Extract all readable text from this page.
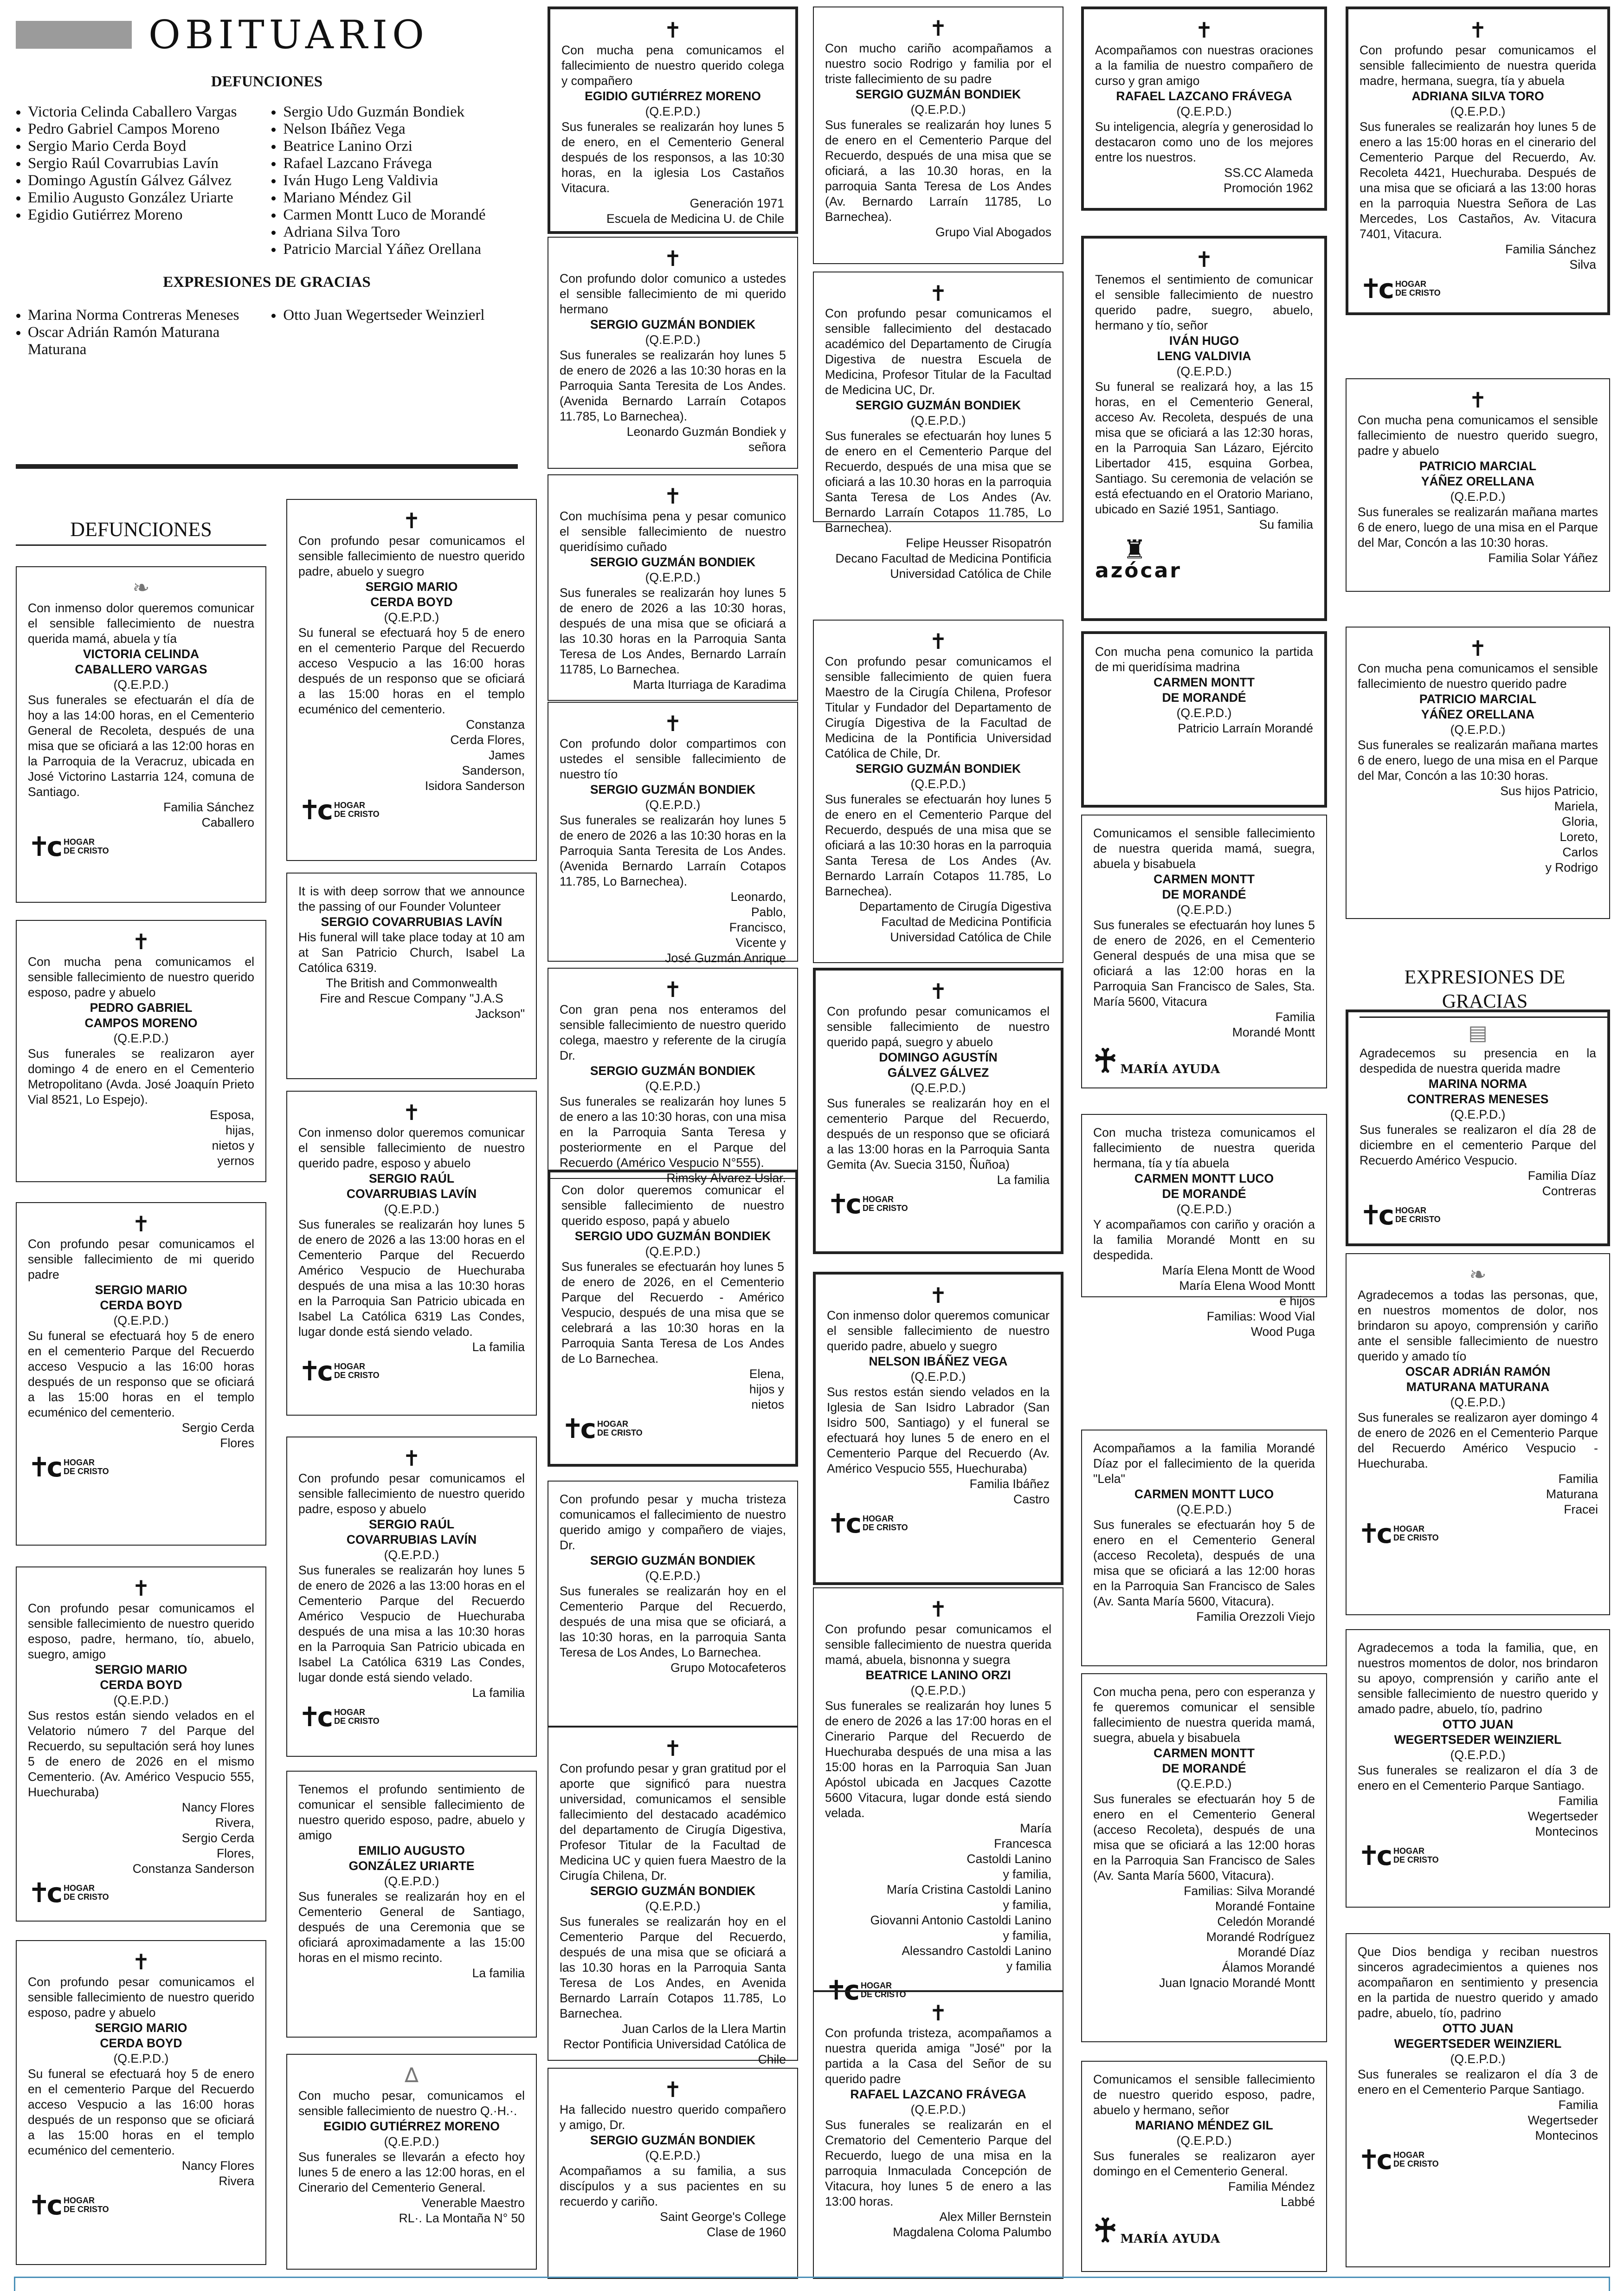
OBITUARIO
DEFUNCIONES
• Victoria Celinda Caballero Vargas
• Pedro Gabriel Campos Moreno
• Sergio Mario Cerda Boyd
• Sergio Raúl Covarrubias Lavín
• Domingo Agustín Gálvez Gálvez
• Emilio Augusto González Uriarte
• Egidio Gutiérrez Moreno
• Sergio Udo Guzmán Bondiek
• Nelson Ibáñez Vega
• Beatrice Lanino Orzi
• Rafael Lazcano Frávega
• Iván Hugo Leng Valdivia
• Mariano Méndez Gil
• Carmen Montt Luco de Morandé
• Adriana Silva Toro
• Patricio Marcial Yáñez Orellana
EXPRESIONES DE GRACIAS
• Marina Norma Contreras Meneses
• Oscar Adrián Ramón Maturana Maturana
• Otto Juan Wegertseder Weinzierl
DEFUNCIONES
EXPRESIONES DE GRACIAS
❧

Con inmenso dolor queremos comunicar el sensible fallecimiento de nuestra querida mamá, abuela y tía

VICTORIA CELINDA

CABALLERO VARGAS

(Q.E.P.D.)

Sus funerales se efectuarán el día de hoy a las 14:00 horas, en el Cementerio General de Recoleta, después de una misa que se oficiará a las 12:00 horas en la Parroquia de la Veracruz, ubicada en José Victorino Lastarria 124, comuna de Santiago.

Familia Sánchez

Caballero

✝c HOGAR
DE CRISTO
✝

Con mucha pena comunicamos el sensible fallecimiento de nuestro querido esposo, padre y abuelo

PEDRO GABRIEL

CAMPOS MORENO

(Q.E.P.D.)

Sus funerales se realizaron ayer domingo 4 de enero en el Cementerio Metropolitano (Avda. José Joaquín Prieto Vial 8521, Lo Espejo).

Esposa,

hijas,

nietos y

yernos

✝

Con profundo pesar comunicamos el sensible fallecimiento de mi querido padre

SERGIO MARIO

CERDA BOYD

(Q.E.P.D.)

Su funeral se efectuará hoy 5 de enero en el cementerio Parque del Recuerdo acceso Vespucio a las 16:00 horas después de un responso que se oficiará a las 15:00 horas en el templo ecuménico del cementerio.

Sergio Cerda

Flores

✝c HOGAR
DE CRISTO
✝

Con profundo pesar comunicamos el sensible fallecimiento de nuestro querido esposo, padre, hermano, tío, abuelo, suegro, amigo

SERGIO MARIO

CERDA BOYD

(Q.E.P.D.)

Sus restos están siendo velados en el Velatorio número 7 del Parque del Recuerdo, su sepultación será hoy lunes 5 de enero de 2026 en el mismo Cementerio. (Av. Américo Vespucio 555, Huechuraba)

Nancy Flores

Rivera,

Sergio Cerda

Flores,

Constanza Sanderson

✝c HOGAR
DE CRISTO
✝

Con profundo pesar comunicamos el sensible fallecimiento de nuestro querido esposo, padre y abuelo

SERGIO MARIO

CERDA BOYD

(Q.E.P.D.)

Su funeral se efectuará hoy 5 de enero en el cementerio Parque del Recuerdo acceso Vespucio a las 16:00 horas después de un responso que se oficiará a las 15:00 horas en el templo ecuménico del cementerio.

Nancy Flores

Rivera

✝c HOGAR
DE CRISTO
✝

Con profundo pesar comunicamos el sensible fallecimiento de nuestro querido padre, abuelo y suegro

SERGIO MARIO

CERDA BOYD

(Q.E.P.D.)

Su funeral se efectuará hoy 5 de enero en el cementerio Parque del Recuerdo acceso Vespucio a las 16:00 horas después de un responso que se oficiará a las 15:00 horas en el templo ecuménico del cementerio.

Constanza

Cerda Flores,

James

Sanderson,

Isidora Sanderson

✝c HOGAR
DE CRISTO

It is with deep sorrow that we announce the passing of our Founder Volunteer

SERGIO COVARRUBIAS LAVÍN

His funeral will take place today at 10 am at San Patricio Church, Isabel La Católica 6319.

The British and Commonwealth

Fire and Rescue Company "J.A.S

Jackson"

✝

Con inmenso dolor queremos comunicar el sensible fallecimiento de nuestro querido padre, esposo y abuelo

SERGIO RAÚL

COVARRUBIAS LAVÍN

(Q.E.P.D.)

Sus funerales se realizarán hoy lunes 5 de enero de 2026 a las 13:00 horas en el Cementerio Parque del Recuerdo Américo Vespucio de Huechuraba después de una misa a las 10:30 horas en la Parroquia San Patricio ubicada en Isabel La Católica 6319 Las Condes, lugar donde está siendo velado.

La familia

✝c HOGAR
DE CRISTO
✝

Con profundo pesar comunicamos el sensible fallecimiento de nuestro querido padre, esposo y abuelo

SERGIO RAÚL

COVARRUBIAS LAVÍN

(Q.E.P.D.)

Sus funerales se realizarán hoy lunes 5 de enero de 2026 a las 13:00 horas en el Cementerio Parque del Recuerdo Américo Vespucio de Huechuraba después de una misa a las 10:30 horas en la Parroquia San Patricio ubicada en Isabel La Católica 6319 Las Condes, lugar donde está siendo velado.

La familia

✝c HOGAR
DE CRISTO

Tenemos el profundo sentimiento de comunicar el sensible fallecimiento de nuestro querido esposo, padre, abuelo y amigo

EMILIO AUGUSTO

GONZÁLEZ URIARTE

(Q.E.P.D.)

Sus funerales se realizarán hoy en el Cementerio General de Santiago, después de una Ceremonia que se oficiará aproximadamente a las 15:00 horas en el mismo recinto.

La familia

∆

Con mucho pesar, comunicamos el sensible fallecimiento de nuestro Q.·H.·.

EGIDIO GUTIÉRREZ MORENO

(Q.E.P.D.)

Sus funerales se llevarán a efecto hoy lunes 5 de enero a las 12:00 horas, en el Cinerario del Cementerio General.

Venerable Maestro

RL·. La Montaña N° 50

✝

Con mucha pena comunicamos el fallecimiento de nuestro querido colega y compañero

EGIDIO GUTIÉRREZ MORENO

(Q.E.P.D.)

Sus funerales se realizarán hoy lunes 5 de enero, en el Cementerio General después de los responsos, a las 10:30 horas, en la iglesia Los Castaños Vitacura.

Generación 1971

Escuela de Medicina U. de Chile

✝

Con profundo dolor comunico a ustedes el sensible fallecimiento de mi querido hermano

SERGIO GUZMÁN BONDIEK

(Q.E.P.D.)

Sus funerales se realizarán hoy lunes 5 de enero de 2026 a las 10:30 horas en la Parroquia Santa Teresita de Los Andes. (Avenida Bernardo Larraín Cotapos 11.785, Lo Barnechea).

Leonardo Guzmán Bondiek y

señora

✝

Con muchísima pena y pesar comunico el sensible fallecimiento de nuestro queridísimo cuñado

SERGIO GUZMÁN BONDIEK

(Q.E.P.D.)

Sus funerales se realizarán hoy lunes 5 de enero de 2026 a las 10:30 horas, después de una misa que se oficiará a las 10.30 horas en la Parroquia Santa Teresa de Los Andes, Bernardo Larraín 11785, Lo Barnechea.

Marta Iturriaga de Karadima

✝

Con profundo dolor compartimos con ustedes el sensible fallecimiento de nuestro tío

SERGIO GUZMÁN BONDIEK

(Q.E.P.D.)

Sus funerales se realizarán hoy lunes 5 de enero de 2026 a las 10:30 horas en la Parroquia Santa Teresita de Los Andes. (Avenida Bernardo Larraín Cotapos 11.785, Lo Barnechea).

Leonardo,

Pablo,

Francisco,

Vicente y

José Guzmán Anrique

✝

Con gran pena nos enteramos del sensible fallecimiento de nuestro querido colega, maestro y referente de la cirugía Dr.

SERGIO GUZMÁN BONDIEK

(Q.E.P.D.)

Sus funerales se realizarán hoy lunes 5 de enero a las 10:30 horas, con una misa en la Parroquia Santa Teresa y posteriormente en el Parque del Recuerdo (Américo Vespucio N°555).

Rimsky Álvarez Uslar.

Con dolor queremos comunicar el sensible fallecimiento de nuestro querido esposo, papá y abuelo

SERGIO UDO GUZMÁN BONDIEK

(Q.E.P.D.)

Sus funerales se efectuarán hoy lunes 5 de enero de 2026, en el Cementerio Parque del Recuerdo - Américo Vespucio, después de una misa que se celebrará a las 10:30 horas en la Parroquia Santa Teresa de Los Andes de Lo Barnechea.

Elena,

hijos y

nietos

✝c HOGAR
DE CRISTO

Con profundo pesar y mucha tristeza comunicamos el fallecimiento de nuestro querido amigo y compañero de viajes, Dr.

SERGIO GUZMÁN BONDIEK

(Q.E.P.D.)

Sus funerales se realizarán hoy en el Cementerio Parque del Recuerdo, después de una misa que se oficiará, a las 10:30 horas, en la parroquia Santa Teresa de Los Andes, Lo Barnechea.

Grupo Motocafeteros

✝

Con profundo pesar y gran gratitud por el aporte que significó para nuestra universidad, comunicamos el sensible fallecimiento del destacado académico del departamento de Cirugía Digestiva, Profesor Titular de la Facultad de Medicina UC y quien fuera Maestro de la Cirugía Chilena, Dr.

SERGIO GUZMÁN BONDIEK

(Q.E.P.D.)

Sus funerales se realizarán hoy en el Cementerio Parque del Recuerdo, después de una misa que se oficiará a las 10.30 horas en la Parroquia Santa Teresa de Los Andes, en Avenida Bernardo Larraín Cotapos 11.785, Lo Barnechea.

Juan Carlos de la Llera Martin

Rector Pontificia Universidad Católica de

Chile

✝

Ha fallecido nuestro querido compañero y amigo, Dr.

SERGIO GUZMÁN BONDIEK

(Q.E.P.D.)

Acompañamos a su familia, a sus discípulos y a sus pacientes en su recuerdo y cariño.

Saint George's College

Clase de 1960

✝

Con mucho cariño acompañamos a nuestro socio Rodrigo y familia por el triste fallecimiento de su padre

SERGIO GUZMÁN BONDIEK

(Q.E.P.D.)

Sus funerales se realizarán hoy lunes 5 de enero en el Cementerio Parque del Recuerdo, después de una misa que se oficiará, a las 10.30 horas, en la parroquia Santa Teresa de Los Andes (Av. Bernardo Larraín 11785, Lo Barnechea).

Grupo Vial Abogados

✝

Con profundo pesar comunicamos el sensible fallecimiento del destacado académico del Departamento de Cirugía Digestiva de nuestra Escuela de Medicina, Profesor Titular de la Facultad de Medicina UC, Dr.

SERGIO GUZMÁN BONDIEK

(Q.E.P.D.)

Sus funerales se efectuarán hoy lunes 5 de enero en el Cementerio Parque del Recuerdo, después de una misa que se oficiará a las 10.30 horas en la parroquia Santa Teresa de Los Andes (Av. Bernardo Larraín Cotapos 11.785, Lo Barnechea).

Felipe Heusser Risopatrón

Decano Facultad de Medicina Pontificia

Universidad Católica de Chile

✝

Con profundo pesar comunicamos el sensible fallecimiento de quien fuera Maestro de la Cirugía Chilena, Profesor Titular y Fundador del Departamento de Cirugía Digestiva de la Facultad de Medicina de la Pontificia Universidad Católica de Chile, Dr.

SERGIO GUZMÁN BONDIEK

(Q.E.P.D.)

Sus funerales se efectuarán hoy lunes 5 de enero en el Cementerio Parque del Recuerdo, después de una misa que se oficiará a las 10:30 horas en la parroquia Santa Teresa de Los Andes (Av. Bernardo Larraín Cotapos 11.785, Lo Barnechea).

Departamento de Cirugía Digestiva

Facultad de Medicina Pontificia

Universidad Católica de Chile

✝

Con profundo pesar comunicamos el sensible fallecimiento de nuestro querido papá, suegro y abuelo

DOMINGO AGUSTÍN

GÁLVEZ GÁLVEZ

(Q.E.P.D.)

Sus funerales se realizarán hoy en el cementerio Parque del Recuerdo, después de un responso que se oficiará a las 13:00 horas en la Parroquia Santa Gemita (Av. Suecia 3150, Ñuñoa)

La familia

✝c HOGAR
DE CRISTO
✝

Con inmenso dolor queremos comunicar el sensible fallecimiento de nuestro querido padre, abuelo y suegro

NELSON IBÁÑEZ VEGA

(Q.E.P.D.)

Sus restos están siendo velados en la Iglesia de San Isidro Labrador (San Isidro 500, Santiago) y el funeral se efectuará hoy lunes 5 de enero en el Cementerio Parque del Recuerdo (Av. Américo Vespucio 555, Huechuraba)

Familia Ibáñez

Castro

✝c HOGAR
DE CRISTO
✝

Con profundo pesar comunicamos el sensible fallecimiento de nuestra querida mamá, abuela, bisnonna y suegra

BEATRICE LANINO ORZI

(Q.E.P.D.)

Sus funerales se realizarán hoy lunes 5 de enero de 2026 a las 17:00 horas en el Cinerario Parque del Recuerdo de Huechuraba después de una misa a las 15:00 horas en la Parroquia San Juan Apóstol ubicada en Jacques Cazotte 5600 Vitacura, lugar donde está siendo velada.

María

Francesca

Castoldi Lanino

y familia,

María Cristina Castoldi Lanino

y familia,

Giovanni Antonio Castoldi Lanino

y familia,

Alessandro Castoldi Lanino

y familia

✝c HOGAR
DE CRISTO
✝

Con profunda tristeza, acompañamos a nuestra querida amiga "José" por la partida a la Casa del Señor de su querido padre

RAFAEL LAZCANO FRÁVEGA

(Q.E.P.D.)

Sus funerales se realizarán en el Crematorio del Cementerio Parque del Recuerdo, luego de una misa en la parroquia Inmaculada Concepción de Vitacura, hoy lunes 5 de enero a las 13:00 horas.

Alex Miller Bernstein

Magdalena Coloma Palumbo

✝

Acompañamos con nuestras oraciones a la familia de nuestro compañero de curso y gran amigo

RAFAEL LAZCANO FRÁVEGA

(Q.E.P.D.)

Su inteligencia, alegría y generosidad lo destacaron como uno de los mejores entre los nuestros.

SS.CC Alameda

Promoción 1962

✝

Tenemos el sentimiento de comunicar el sensible fallecimiento de nuestro querido padre, suegro, abuelo, hermano y tío, señor

IVÁN HUGO

LENG VALDIVIA

(Q.E.P.D.)

Su funeral se realizará hoy, a las 15 horas, en el Cementerio General, acceso Av. Recoleta, después de una misa que se oficiará a las 12:30 horas, en la Parroquia San Lázaro, Ejército Libertador 415, esquina Gorbea, Santiago. Su ceremonia de velación se está efectuando en el Oratorio Mariano, ubicado en Sazié 1951, Santiago.

Su familia

♜
azócar

Con mucha pena comunico la partida de mi queridísima madrina

CARMEN MONTT

DE MORANDÉ

(Q.E.P.D.)

Patricio Larraín Morandé

Comunicamos el sensible fallecimiento de nuestra querida mamá, suegra, abuela y bisabuela

CARMEN MONTT

DE MORANDÉ

(Q.E.P.D.)

Sus funerales se efectuarán hoy lunes 5 de enero de 2026, en el Cementerio General después de una misa que se oficiará a las 12:00 horas en la Parroquia San Francisco de Sales, Sta. María 5600, Vitacura

Familia

Morandé Montt

♰ MARÍA AYUDA

Con mucha tristeza comunicamos el fallecimiento de nuestra querida hermana, tía y tía abuela

CARMEN MONTT LUCO

DE MORANDÉ

(Q.E.P.D.)

Y acompañamos con cariño y oración a la familia Morandé Montt en su despedida.

María Elena Montt de Wood

María Elena Wood Montt

e hijos

Familias: Wood Vial

Wood Puga

Acompañamos a la familia Morandé Díaz por el fallecimiento de la querida "Lela"

CARMEN MONTT LUCO

(Q.E.P.D.)

Sus funerales se efectuarán hoy 5 de enero en el Cementerio General (acceso Recoleta), después de una misa que se oficiará a las 12:00 horas en la Parroquia San Francisco de Sales (Av. Santa María 5600, Vitacura).

Familia Orezzoli Viejo

Con mucha pena, pero con esperanza y fe queremos comunicar el sensible fallecimiento de nuestra querida mamá, suegra, abuela y bisabuela

CARMEN MONTT

DE MORANDÉ

(Q.E.P.D.)

Sus funerales se efectuarán hoy 5 de enero en el Cementerio General (acceso Recoleta), después de una misa que se oficiará a las 12:00 horas en la Parroquia San Francisco de Sales (Av. Santa María 5600, Vitacura).

Familias: Silva Morandé

Morandé Fontaine

Celedón Morandé

Morandé Rodríguez

Morandé Díaz

Álamos Morandé

Juan Ignacio Morandé Montt

Comunicamos el sensible fallecimiento de nuestro querido esposo, padre, abuelo y hermano, señor

MARIANO MÉNDEZ GIL

(Q.E.P.D.)

Sus funerales se realizaron ayer domingo en el Cementerio General.

Familia Méndez

Labbé

♰ MARÍA AYUDA
✝

Con profundo pesar comunicamos el sensible fallecimiento de nuestra querida madre, hermana, suegra, tía y abuela

ADRIANA SILVA TORO

(Q.E.P.D.)

Sus funerales se realizarán hoy lunes 5 de enero a las 15:00 horas en el cinerario del Cementerio Parque del Recuerdo, Av. Recoleta 4421, Huechuraba. Después de una misa que se oficiará a las 13:00 horas en la parroquia Nuestra Señora de Las Mercedes, Los Castaños, Av. Vitacura 7401, Vitacura.

Familia Sánchez

Silva

✝c HOGAR
DE CRISTO
✝

Con mucha pena comunicamos el sensible fallecimiento de nuestro querido suegro, padre y abuelo

PATRICIO MARCIAL

YÁÑEZ ORELLANA

(Q.E.P.D.)

Sus funerales se realizarán mañana martes 6 de enero, luego de una misa en el Parque del Mar, Concón a las 10:30 horas.

Familia Solar Yáñez

✝

Con mucha pena comunicamos el sensible fallecimiento de nuestro querido padre

PATRICIO MARCIAL

YÁÑEZ ORELLANA

(Q.E.P.D.)

Sus funerales se realizarán mañana martes 6 de enero, luego de una misa en el Parque del Mar, Concón a las 10:30 horas.

Sus hijos Patricio,

Mariela,

Gloria,

Loreto,

Carlos

y Rodrigo

▤

Agradecemos su presencia en la despedida de nuestra querida madre

MARINA NORMA

CONTRERAS MENESES

(Q.E.P.D.)

Sus funerales se realizaron el día 28 de diciembre en el cementerio Parque del Recuerdo Américo Vespucio.

Familia Díaz

Contreras

✝c HOGAR
DE CRISTO
❧

Agradecemos a todas las personas, que, en nuestros momentos de dolor, nos brindaron su apoyo, comprensión y cariño ante el sensible fallecimiento de nuestro querido y amado tío

OSCAR ADRIÁN RAMÓN

MATURANA MATURANA

(Q.E.P.D.)

Sus funerales se realizaron ayer domingo 4 de enero de 2026 en el Cementerio Parque del Recuerdo Américo Vespucio - Huechuraba.

Familia

Maturana

Fracei

✝c HOGAR
DE CRISTO

Agradecemos a toda la familia, que, en nuestros momentos de dolor, nos brindaron su apoyo, comprensión y cariño ante el sensible fallecimiento de nuestro querido y amado padre, abuelo, tío, padrino

OTTO JUAN

WEGERTSEDER WEINZIERL

(Q.E.P.D.)

Sus funerales se realizaron el día 3 de enero en el Cementerio Parque Santiago.

Familia

Wegertseder

Montecinos

✝c HOGAR
DE CRISTO

Que Dios bendiga y reciban nuestros sinceros agradecimientos a quienes nos acompañaron en sentimiento y presencia en la partida de nuestro querido y amado padre, abuelo, tío, padrino

OTTO JUAN

WEGERTSEDER WEINZIERL

(Q.E.P.D.)

Sus funerales se realizaron el día 3 de enero en el Cementerio Parque Santiago.

Familia

Wegertseder

Montecinos

✝c HOGAR
DE CRISTO
